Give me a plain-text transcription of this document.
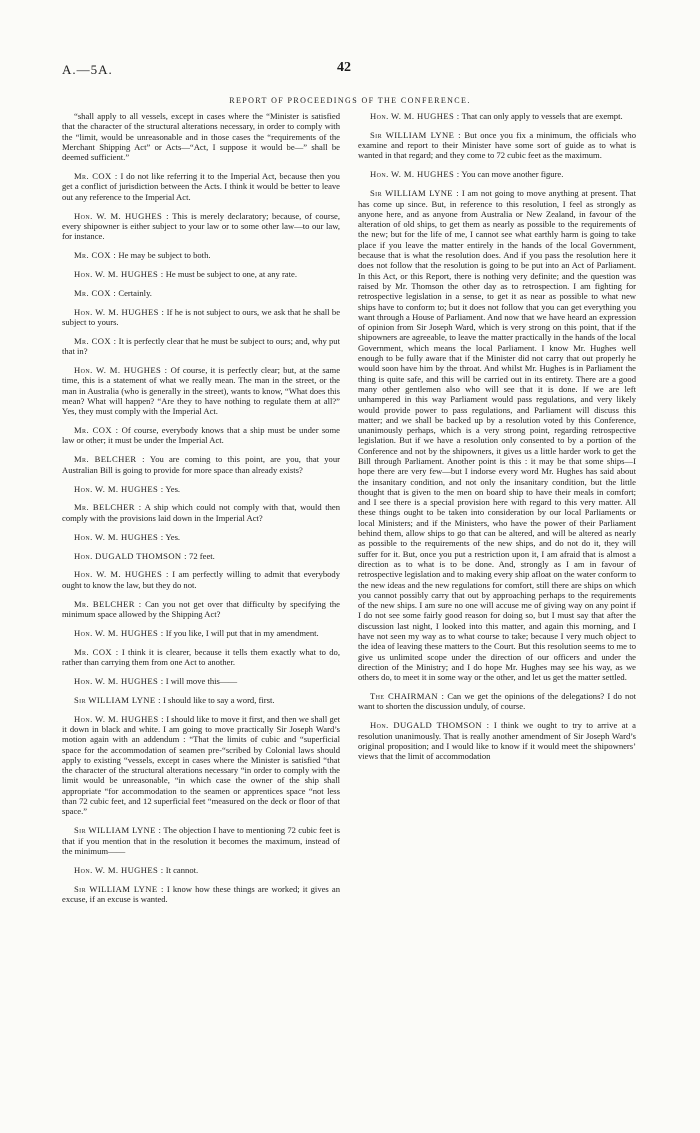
A.—5A.	42
REPORT OF PROCEEDINGS OF THE CONFERENCE.

“shall apply to all vessels, except in cases where the “Minister is satisfied that the character of the structural alterations necessary, in order to comply with the “limit, would be unreasonable and in those cases the “requirements of the Merchant Shipping Act” or Acts—“Act, I suppose it would be—” shall be deemed sufficient.”

Mr. COX : I do not like referring it to the Imperial Act, because then you get a conflict of jurisdiction between the Acts. I think it would be better to leave out any reference to the Imperial Act.

Hon. W. M. HUGHES : This is merely declaratory; because, of course, every shipowner is either subject to your law or to some other law—to our law, for instance.

Mr. COX : He may be subject to both.

Hon. W. M. HUGHES : He must be subject to one, at any rate.

Mr. COX : Certainly.

Hon. W. M. HUGHES : If he is not subject to ours, we ask that he shall be subject to yours.

Mr. COX : It is perfectly clear that he must be subject to ours; and, why put that in?

Hon. W. M. HUGHES : Of course, it is perfectly clear; but, at the same time, this is a statement of what we really mean. The man in the street, or the man in Australia (who is generally in the street), wants to know, “What does this mean? What will happen? “Are they to have nothing to regulate them at all?” Yes, they must comply with the Imperial Act.

Mr. COX : Of course, everybody knows that a ship must be under some law or other; it must be under the Imperial Act.

Mr. BELCHER : You are coming to this point, are you, that your Australian Bill is going to provide for more space than already exists?

Hon. W. M. HUGHES : Yes.

Mr. BELCHER : A ship which could not comply with that, would then comply with the provisions laid down in the Imperial Act?

Hon. W. M. HUGHES : Yes.

Hon. DUGALD THOMSON : 72 feet.

Hon. W. M. HUGHES : I am perfectly willing to admit that everybody ought to know the law, but they do not.

Mr. BELCHER : Can you not get over that difficulty by specifying the minimum space allowed by the Shipping Act?

Hon. W. M. HUGHES : If you like, I will put that in my amendment.

Mr. COX : I think it is clearer, because it tells them exactly what to do, rather than carrying them from one Act to another.

Hon. W. M. HUGHES : I will move this——

Sir WILLIAM LYNE : I should like to say a word, first.

Hon. W. M. HUGHES : I should like to move it first, and then we shall get it down in black and white. I am going to move practically Sir Joseph Ward’s motion again with an addendum : “That the limits of cubic and “superficial space for the accommodation of seamen pre-“scribed by Colonial laws should apply to existing “vessels, except in cases where the Minister is satisfied “that the character of the structural alterations necessary “in order to comply with the limit would be unreasonable, “in which case the owner of the ship shall appropriate “for accommodation to the seamen or apprentices space “not less than 72 cubic feet, and 12 superficial feet “measured on the deck or floor of that space.”

Sir WILLIAM LYNE : The objection I have to mentioning 72 cubic feet is that if you mention that in the resolution it becomes the maximum, instead of the minimum——

Hon. W. M. HUGHES : It cannot.

Sir WILLIAM LYNE : I know how these things are worked; it gives an excuse, if an excuse is wanted.

Hon. W. M. HUGHES : That can only apply to vessels that are exempt.

Sir WILLIAM LYNE : But once you fix a minimum, the officials who examine and report to their Minister have some sort of guide as to what is wanted in that regard; and they come to 72 cubic feet as the maximum.

Hon. W. M. HUGHES : You can move another figure.

Sir WILLIAM LYNE : I am not going to move anything at present. That has come up since. But, in reference to this resolution, I feel as strongly as anyone here, and as anyone from Australia or New Zealand, in favour of the alteration of old ships, to get them as nearly as possible to the requirements of the new; but for the life of me, I cannot see what earthly harm is going to take place if you leave the matter entirely in the hands of the local Government, because that is what the resolution does. And if you pass the resolution here it does not follow that the resolution is going to be put into an Act of Parliament. In this Act, or this Report, there is nothing very definite; and the question was raised by Mr. Thomson the other day as to retrospection. I am fighting for retrospective legislation in a sense, to get it as near as possible to what new ships have to conform to; but it does not follow that you can get everything you want through a House of Parliament. And now that we have heard an expression of opinion from Sir Joseph Ward, which is very strong on this point, that if the shipowners are agreeable, to leave the matter practically in the hands of the local Government, which means the local Parliament. I know Mr. Hughes well enough to be fully aware that if the Minister did not carry that out properly he would soon have him by the throat. And whilst Mr. Hughes is in Parliament the thing is quite safe, and this will be carried out in its entirety. There are a good many other gentlemen also who will see that it is done. If we are left unhampered in this way Parliament would pass regulations, and very likely would provide power to pass regulations, and Parliament will discuss this matter; and we shall be backed up by a resolution voted by this Conference, unanimously perhaps, which is a very strong point, regarding retrospective legislation. But if we have a resolution only consented to by a portion of the Conference and not by the shipowners, it gives us a little harder work to get the Bill through Parliament. Another point is this : it may be that some ships—I hope there are very few—but I indorse every word Mr. Hughes has said about the insanitary condition, and not only the insanitary condition, but the little thought that is given to the men on board ship to have their meals in comfort; and I see there is a special provision here with regard to this very matter. All these things ought to be taken into consideration by our local Parliaments or local Ministers; and if the Ministers, who have the power of their Parliament behind them, allow ships to go that can be altered, and will be altered as nearly as possible to the requirements of the new ships, and do not do it, they will suffer for it. But, once you put a restriction upon it, I am afraid that is almost a direction as to what is to be done. And, strongly as I am in favour of retrospective legislation and to making every ship afloat on the water conform to the new ideas and the new regulations for comfort, still there are ships on which you cannot possibly carry that out by approaching perhaps to the requirements of the new ships. I am sure no one will accuse me of giving way on any point if I do not see some fairly good reason for doing so, but I must say that after the discussion last night, I looked into this matter, and again this morning, and I have not seen my way as to what course to take; because I very much object to the idea of leaving these matters to the Court. But this resolution seems to me to give us unlimited scope under the direction of our officers and under the direction of the Ministry; and I do hope Mr. Hughes may see his way, as we others do, to meet it in some way or the other, and let us get the matter settled.

The CHAIRMAN : Can we get the opinions of the delegations? I do not want to shorten the discussion unduly, of course.

Hon. DUGALD THOMSON : I think we ought to try to arrive at a resolution unanimously. That is really another amendment of Sir Joseph Ward’s original proposition; and I would like to know if it would meet the shipowners’ views that the limit of accommodation
